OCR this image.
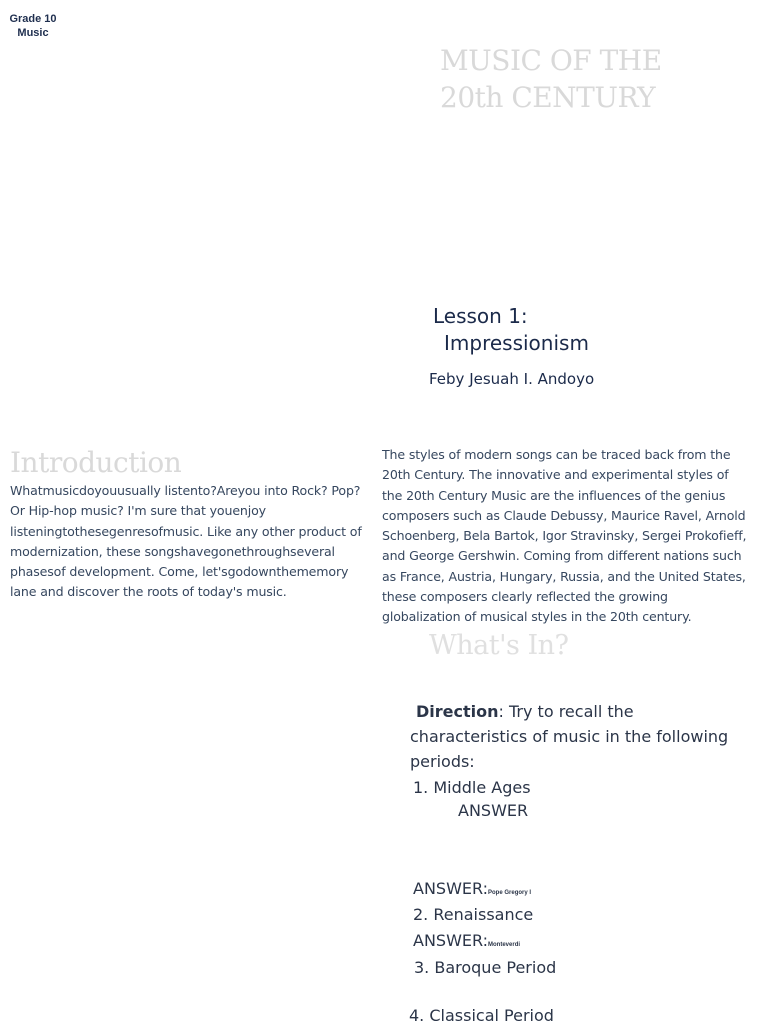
Grade 10
Music
MUSIC OF THE
20th CENTURY
Lesson 1:
Impressionism
Feby Jesuah I. Andoyo
Introduction

Whatmusicdoyouusually listento?Areyou into Rock? Pop? Or Hip-hop music? I'm sure that youenjoy listeningtothesegenresofmusic. Like any other product of modernization, these songshavegonethroughseveral phasesof development. Come, let'sgodownthememory lane and discover the roots of today's music.

The styles of modern songs can be traced back from the 20th Century. The innovative and experimental styles of the 20th Century Music are the influences of the genius composers such as Claude Debussy, Maurice Ravel, Arnold Schoenberg, Bela Bartok, Igor Stravinsky, Sergei Prokofieff, and George Gershwin. Coming from different nations such as France, Austria, Hungary, Russia, and the United States, these composers clearly reflected the growing globalization of musical styles in the 20th century.

What's In?
Direction: Try to recall the characteristics of music in the following periods:
1. Middle Ages
ANSWER
ANSWER:Pope Gregory I
2. Renaissance
ANSWER:Monteverdi
3. Baroque Period
4. Classical Period
